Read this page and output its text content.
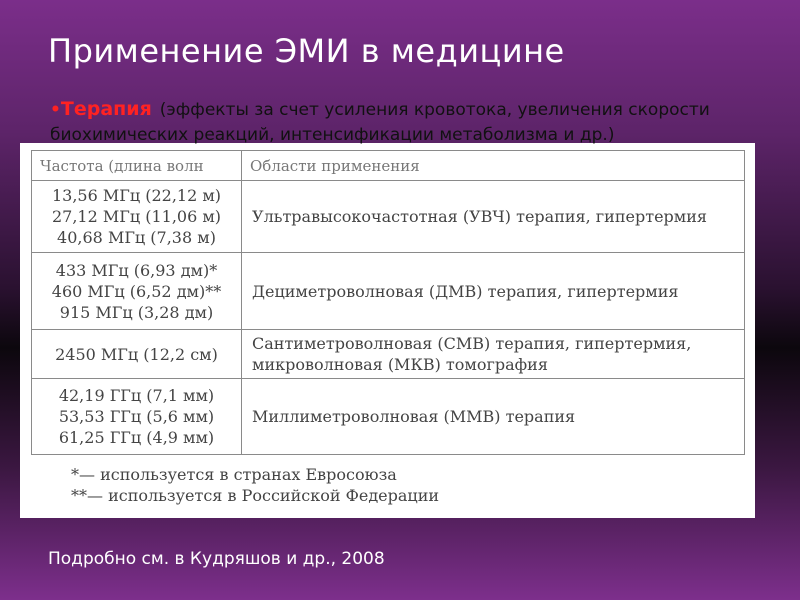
Применение ЭМИ в медицине
•Терапия (эффекты за счет усиления кровотока, увеличения скорости биохимических реакций, интенсификации метаболизма и др.)
Частота (длина волн	Области применения

13,56 МГц (22,12 м)
27,12 МГц (11,06 м)
40,68 МГц (7,38 м)	Ультравысокочастотная (УВЧ) терапия, гипертермия

433 МГц (6,93 дм)*
460 МГц (6,52 дм)**
915 МГц (3,28 дм)	Дециметроволновая (ДМВ) терапия, гипертермия

2450 МГц (12,2 см)	Сантиметроволновая (СМВ) терапия, гипертермия, микроволновая (МКВ) томография

42,19 ГГц (7,1 мм)
53,53 ГГц (5,6 мм)
61,25 ГГц (4,9 мм)	Миллиметроволновая (ММВ) терапия
*— используется в странах Евросоюза
**— используется в Российской Федерации
Подробно см. в Кудряшов и др., 2008
